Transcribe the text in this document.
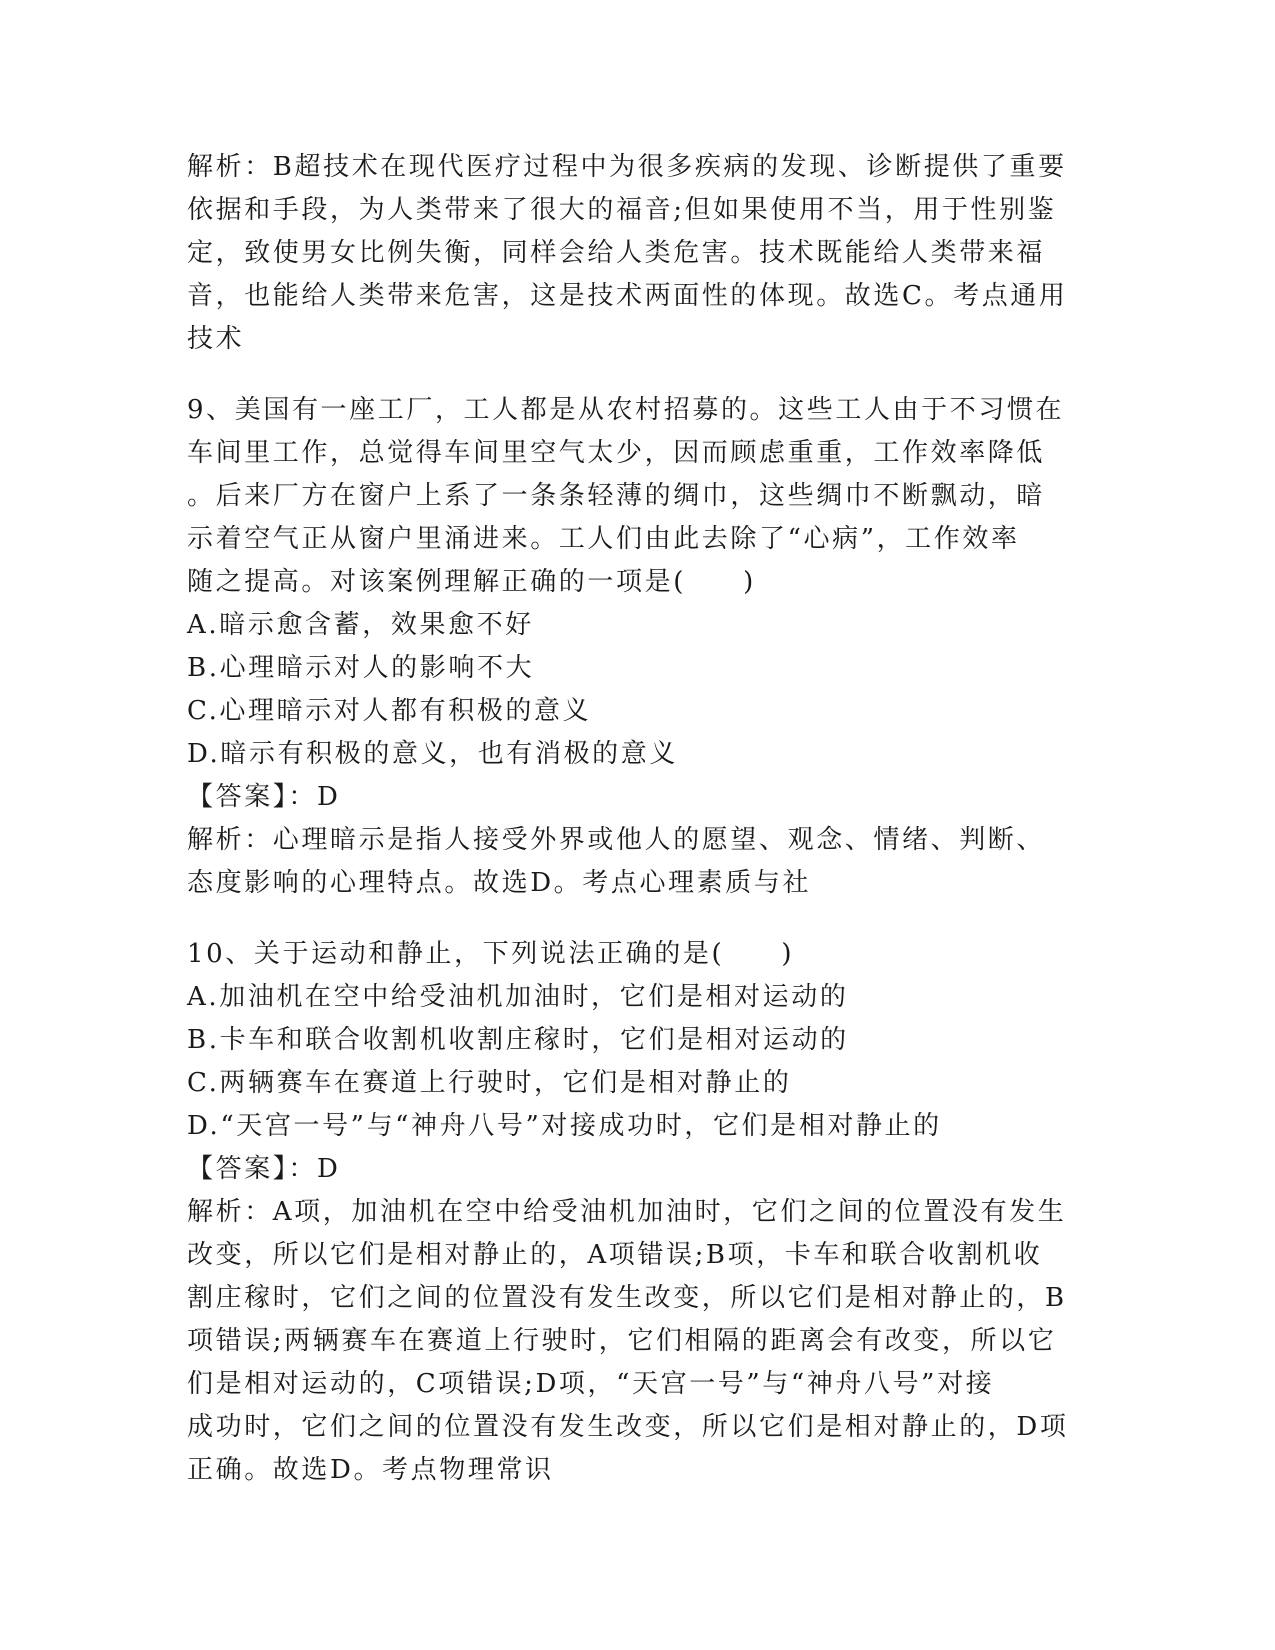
解析：B超技术在现代医疗过程中为很多疾病的发现、诊断提供了重要
依据和手段，为人类带来了很大的福音;但如果使用不当，用于性别鉴
定，致使男女比例失衡，同样会给人类危害。技术既能给人类带来福
音，也能给人类带来危害，这是技术两面性的体现。故选C。考点通用
技术
9、美国有一座工厂，工人都是从农村招募的。这些工人由于不习惯在
车间里工作，总觉得车间里空气太少，因而顾虑重重，工作效率降低
。后来厂方在窗户上系了一条条轻薄的绸巾，这些绸巾不断飘动，暗
示着空气正从窗户里涌进来。工人们由此去除了“心病”，工作效率
随之提高。对该案例理解正确的一项是(　　)
A.暗示愈含蓄，效果愈不好
B.心理暗示对人的影响不大
C.心理暗示对人都有积极的意义
D.暗示有积极的意义，也有消极的意义
【答案】：D
解析：心理暗示是指人接受外界或他人的愿望、观念、情绪、判断、
态度影响的心理特点。故选D。考点心理素质与社
10、关于运动和静止，下列说法正确的是(　　)
A.加油机在空中给受油机加油时，它们是相对运动的
B.卡车和联合收割机收割庄稼时，它们是相对运动的
C.两辆赛车在赛道上行驶时，它们是相对静止的
D.“天宫一号”与“神舟八号”对接成功时，它们是相对静止的
【答案】：D
解析：A项，加油机在空中给受油机加油时，它们之间的位置没有发生
改变，所以它们是相对静止的，A项错误;B项，卡车和联合收割机收
割庄稼时，它们之间的位置没有发生改变，所以它们是相对静止的，B
项错误;两辆赛车在赛道上行驶时，它们相隔的距离会有改变，所以它
们是相对运动的，C项错误;D项，“天宫一号”与“神舟八号”对接
成功时，它们之间的位置没有发生改变，所以它们是相对静止的，D项
正确。故选D。考点物理常识
